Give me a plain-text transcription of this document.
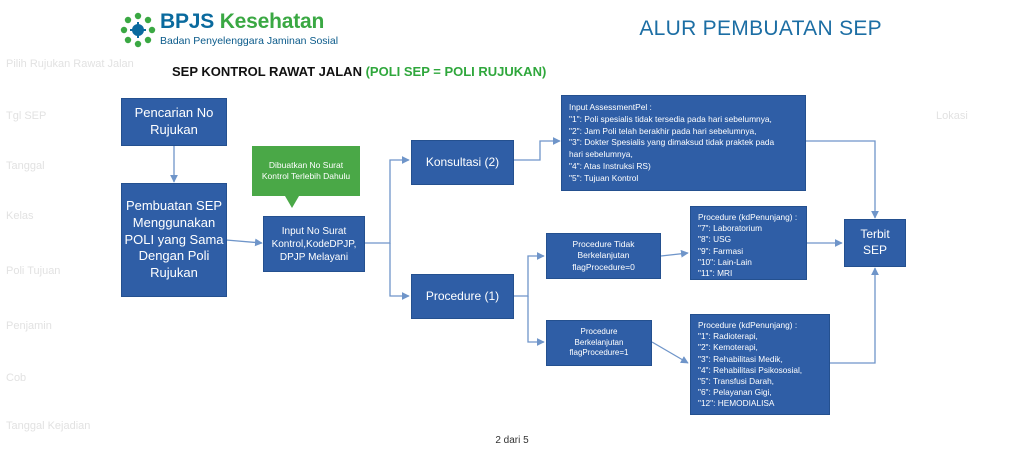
Pilih Rujukan Rawat Jalan
Tgl SEP
Tanggal
Kelas
Poli Tujuan
Penjamin
Cob
Tanggal Kejadian
Lokasi
BPJS Kesehatan
Badan Penyelenggara Jaminan Sosial
ALUR PEMBUATAN SEP
SEP KONTROL RAWAT JALAN (POLI SEP = POLI RUJUKAN)
Pencarian No Rujukan
Pembuatan SEP Menggunakan POLI yang Sama Dengan Poli Rujukan
Dibuatkan No Surat Kontrol Terlebih Dahulu
Input No Surat Kontrol,KodeDPJP, DPJP Melayani
Konsultasi (2)
Procedure (1)
Input AssessmentPel :
"1": Poli spesialis tidak tersedia pada hari sebelumnya,
"2": Jam Poli telah berakhir pada hari sebelumnya,
"3": Dokter Spesialis yang dimaksud tidak praktek pada
hari sebelumnya,
"4": Atas Instruksi RS)
"5": Tujuan Kontrol
Procedure Tidak Berkelanjutan flagProcedure=0
Procedure Berkelanjutan flagProcedure=1
Procedure (kdPenunjang) :
"7": Laboratorium
"8": USG
"9": Farmasi
"10": Lain-Lain
"11": MRI
Procedure (kdPenunjang) :
"1": Radioterapi,
"2": Kemoterapi,
"3": Rehabilitasi Medik,
"4": Rehabilitasi Psikososial,
"5": Transfusi Darah,
"6": Pelayanan Gigi,
"12": HEMODIALISA
Terbit SEP
2 dari 5
